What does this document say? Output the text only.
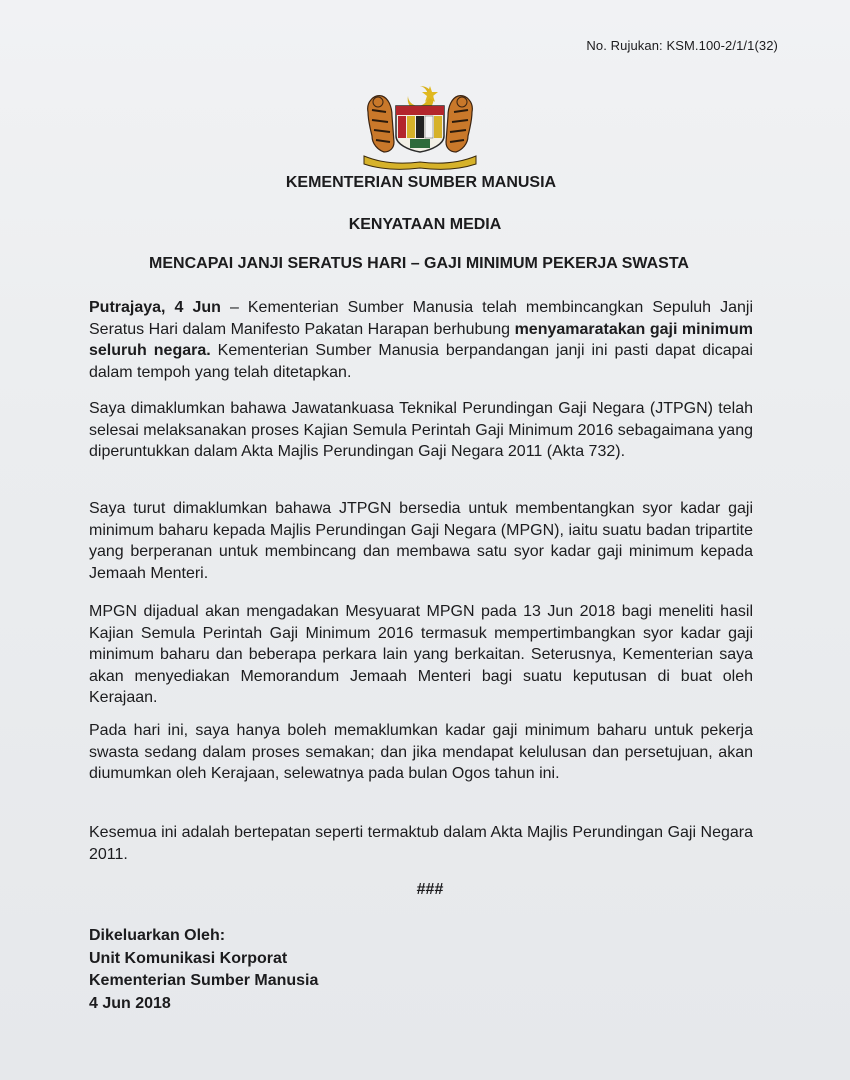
No. Rujukan: KSM.100-2/1/1(32)
KEMENTERIAN SUMBER MANUSIA
KENYATAAN MEDIA
MENCAPAI JANJI SERATUS HARI – GAJI MINIMUM PEKERJA SWASTA
Putrajaya, 4 Jun – Kementerian Sumber Manusia telah membincangkan Sepuluh Janji Seratus Hari dalam Manifesto Pakatan Harapan berhubung menyamaratakan gaji minimum seluruh negara. Kementerian Sumber Manusia berpandangan janji ini pasti dapat dicapai dalam tempoh yang telah ditetapkan.
Saya dimaklumkan bahawa Jawatankuasa Teknikal Perundingan Gaji Negara (JTPGN) telah selesai melaksanakan proses Kajian Semula Perintah Gaji Minimum 2016 sebagaimana yang diperuntukkan dalam Akta Majlis Perundingan Gaji Negara 2011 (Akta 732).
Saya turut dimaklumkan bahawa JTPGN bersedia untuk membentangkan syor kadar gaji minimum baharu kepada Majlis Perundingan Gaji Negara (MPGN), iaitu suatu badan tripartite yang berperanan untuk membincang dan membawa satu syor kadar gaji minimum kepada Jemaah Menteri.
MPGN dijadual akan mengadakan Mesyuarat MPGN pada 13 Jun 2018 bagi meneliti hasil Kajian Semula Perintah Gaji Minimum 2016 termasuk mempertimbangkan syor kadar gaji minimum baharu dan beberapa perkara lain yang berkaitan. Seterusnya, Kementerian saya akan menyediakan Memorandum Jemaah Menteri bagi suatu keputusan di buat oleh Kerajaan.
Pada hari ini, saya hanya boleh memaklumkan kadar gaji minimum baharu untuk pekerja swasta sedang dalam proses semakan; dan jika mendapat kelulusan dan persetujuan, akan diumumkan oleh Kerajaan, selewatnya pada bulan Ogos tahun ini.
Kesemua ini adalah bertepatan seperti termaktub dalam Akta Majlis Perundingan Gaji Negara 2011.
###
Dikeluarkan Oleh:
Unit Komunikasi Korporat
Kementerian Sumber Manusia
4 Jun 2018
